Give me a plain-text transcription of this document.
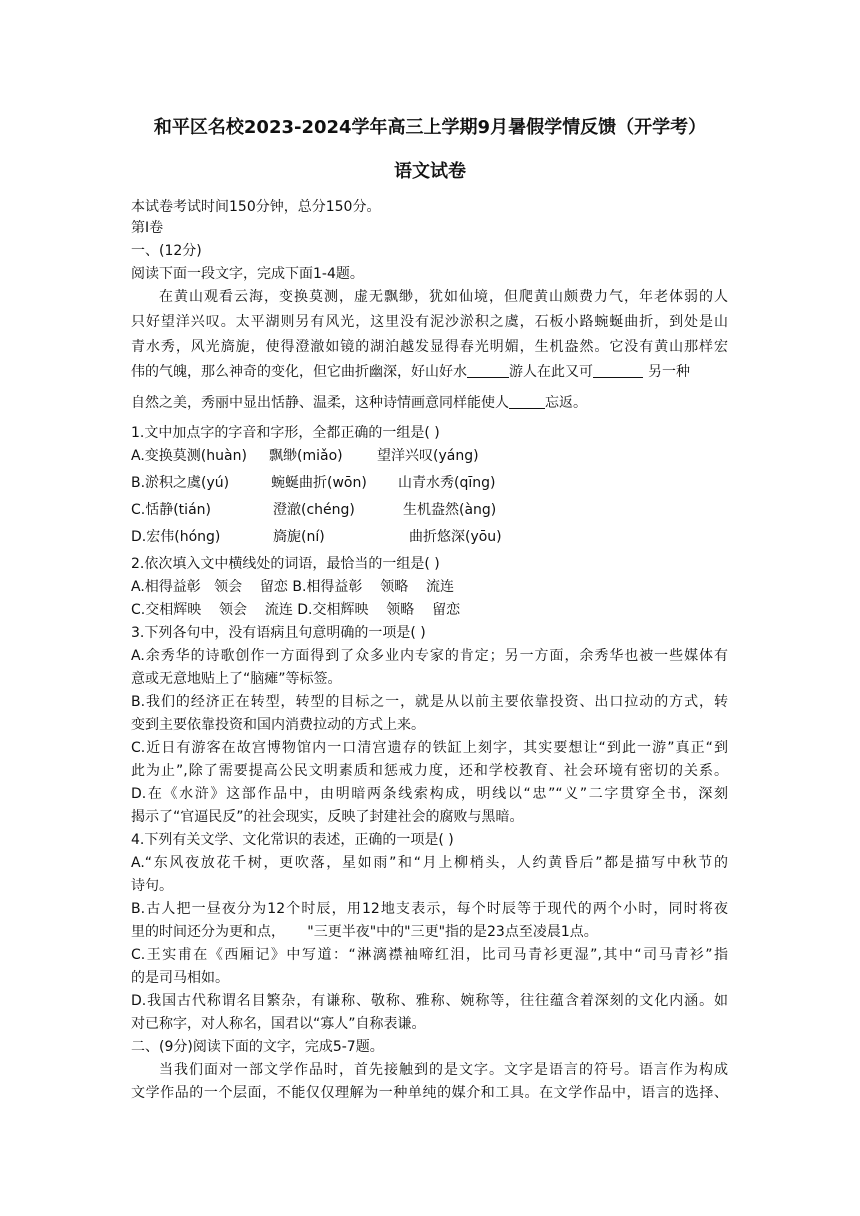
和平区名校2023-2024学年高三上学期9月暑假学情反馈（开学考）
语文试卷
本试卷考试时间150分钟，总分150分。
第Ⅰ卷
一、(12分)
阅读下面一段文字，完成下面1-4题。
在黄山观看云海，变换莫测，虚无飘缈，犹如仙境，但爬黄山颇费力气，年老体弱的人
只好望洋兴叹。太平湖则另有风光，这里没有泥沙淤积之虞，石板小路蜿蜒曲折，到处是山
青水秀，风光旖旎，使得澄澈如镜的湖泊越发显得春光明媚，生机盎然。它没有黄山那样宏
伟的气魄，那么神奇的变化，但它曲折幽深，好山好水	游人在此又可	另一种
自然之美，秀丽中显出恬静、温柔，这种诗情画意同样能使人	忘返。
1.文中加点字的字音和字形，全都正确的一组是( )
A.变换莫测(huàn) 飘缈(miǎo) 望洋兴叹(yáng)
B.淤积之虞(yú)	蜿蜒曲折(wōn) 山青水秀(qīng)
C.恬静(tián)	澄澈(chéng)	生机盎然(àng)
D.宏伟(hóng)	旖旎(ní)	曲折悠深(yōu)
2.依次填入文中横线处的词语，最恰当的一组是( )
A.相得益彰   领会    留恋 B.相得益彰    领略    流连
C.交相辉映    领会    流连 D.交相辉映    领略    留恋
3.下列各句中，没有语病且句意明确的一项是( )
A.余秀华的诗歌创作一方面得到了众多业内专家的肯定；另一方面，余秀华也被一些媒体有
意或无意地贴上了“脑瘫”等标签。
B.我们的经济正在转型，转型的目标之一，就是从以前主要依靠投资、出口拉动的方式，转
变到主要依靠投资和国内消费拉动的方式上来。
C.近日有游客在故宫博物馆内一口清宫遗存的铁缸上刻字，其实要想让“到此一游”真正“到
此为止”,除了需要提高公民文明素质和惩戒力度，还和学校教育、社会环境有密切的关系。
D.在《水浒》这部作品中，由明暗两条线索构成，明线以“忠”“义”二字贯穿全书，深刻
揭示了“官逼民反”的社会现实，反映了封建社会的腐败与黑暗。
4.下列有关文学、文化常识的表述，正确的一项是( )
A.“东风夜放花千树，更吹落，星如雨”和“月上柳梢头，人约黄昏后”都是描写中秋节的
诗句。
B.古人把一昼夜分为12个时辰，用12地支表示，每个时辰等于现代的两个小时，同时将夜
里的时间还分为更和点，     "三更半夜"中的"三更"指的是23点至凌晨1点。
C.王实甫在《西厢记》中写道：“淋漓襟袖啼红泪，比司马青衫更湿”,其中“司马青衫”指
的是司马相如。
D.我国古代称谓名目繁杂，有谦称、敬称、雅称、婉称等，往往蕴含着深刻的文化内涵。如
对已称字，对人称名，国君以“寡人”自称表谦。
二、(9分)阅读下面的文字，完成5-7题。
当我们面对一部文学作品时，首先接触到的是文字。文字是语言的符号。语言作为构成
文学作品的一个层面，不能仅仅理解为一种单纯的媒介和工具。在文学作品中，语言的选择、
